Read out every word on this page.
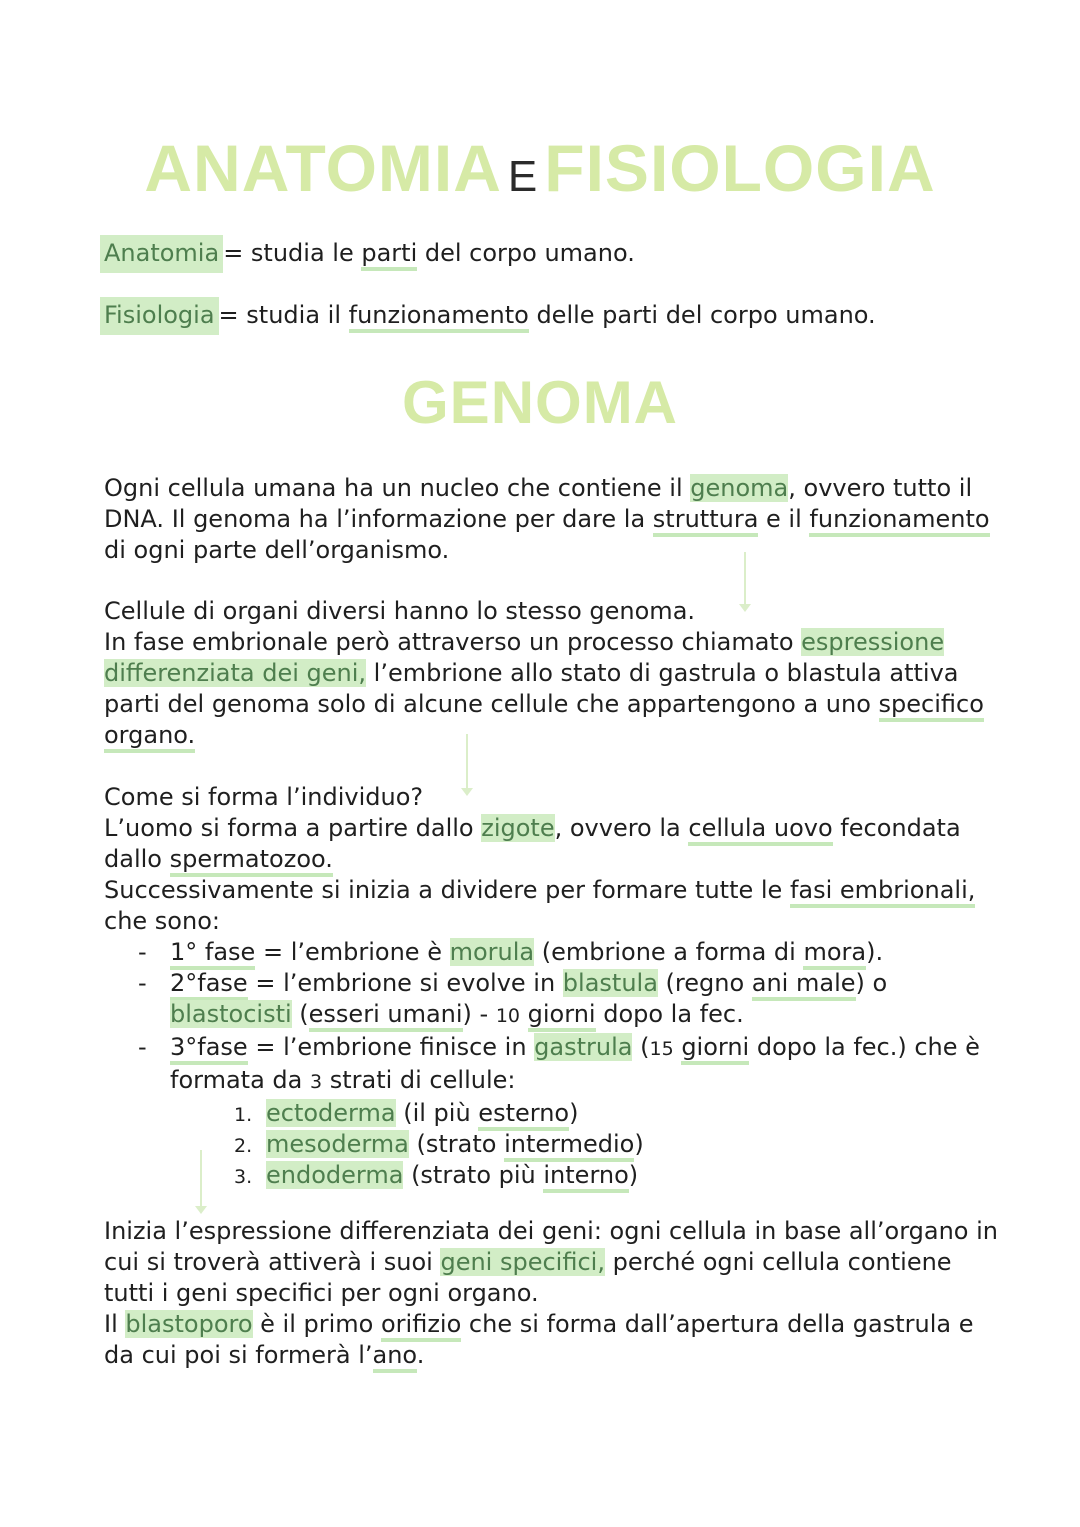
ANATOMIA EFISIOLOGIA
Anatomia = studia le parti del corpo umano.
Fisiologia = studia il funzionamento delle parti del corpo umano.
GENOMA

Ogni cellula umana ha un nucleo che contiene il genoma, ovvero tutto il DNA. Il genoma ha l’informazione per dare la struttura e il funzionamento di ogni parte dell’organismo.

Cellule di organi diversi hanno lo stesso genoma.

In fase embrionale però attraverso un processo chiamato espressione differenziata dei geni, l’embrione allo stato di gastrula o blastula attiva parti del genoma solo di alcune cellule che appartengono a uno specifico organo.

Come si forma l’individuo?

L’uomo si forma a partire dallo zigote, ovvero la cellula uovo fecondata dallo spermatozoo.

Successivamente si inizia a dividere per formare tutte le fasi embrionali, che sono:

- 1° fase = l’embrione è morula (embrione a forma di mora).
- 2°fase = l’embrione si evolve in blastula (regno ani male) o blastocisti (esseri umani) - 10 giorni dopo la fec.
- 3°fase = l’embrione finisce in gastrula (15 giorni dopo la fec.) che è formata da 3 strati di cellule:
1. ectoderma (il più esterno)
2. mesoderma (strato intermedio)
3. endoderma (strato più interno)

Inizia l’espressione differenziata dei geni: ogni cellula in base all’organo in cui si troverà attiverà i suoi geni specifici, perché ogni cellula contiene tutti i geni specifici per ogni organo.

Il blastoporo è il primo orifizio che si forma dall’apertura della gastrula e da cui poi si formerà l’ano.
